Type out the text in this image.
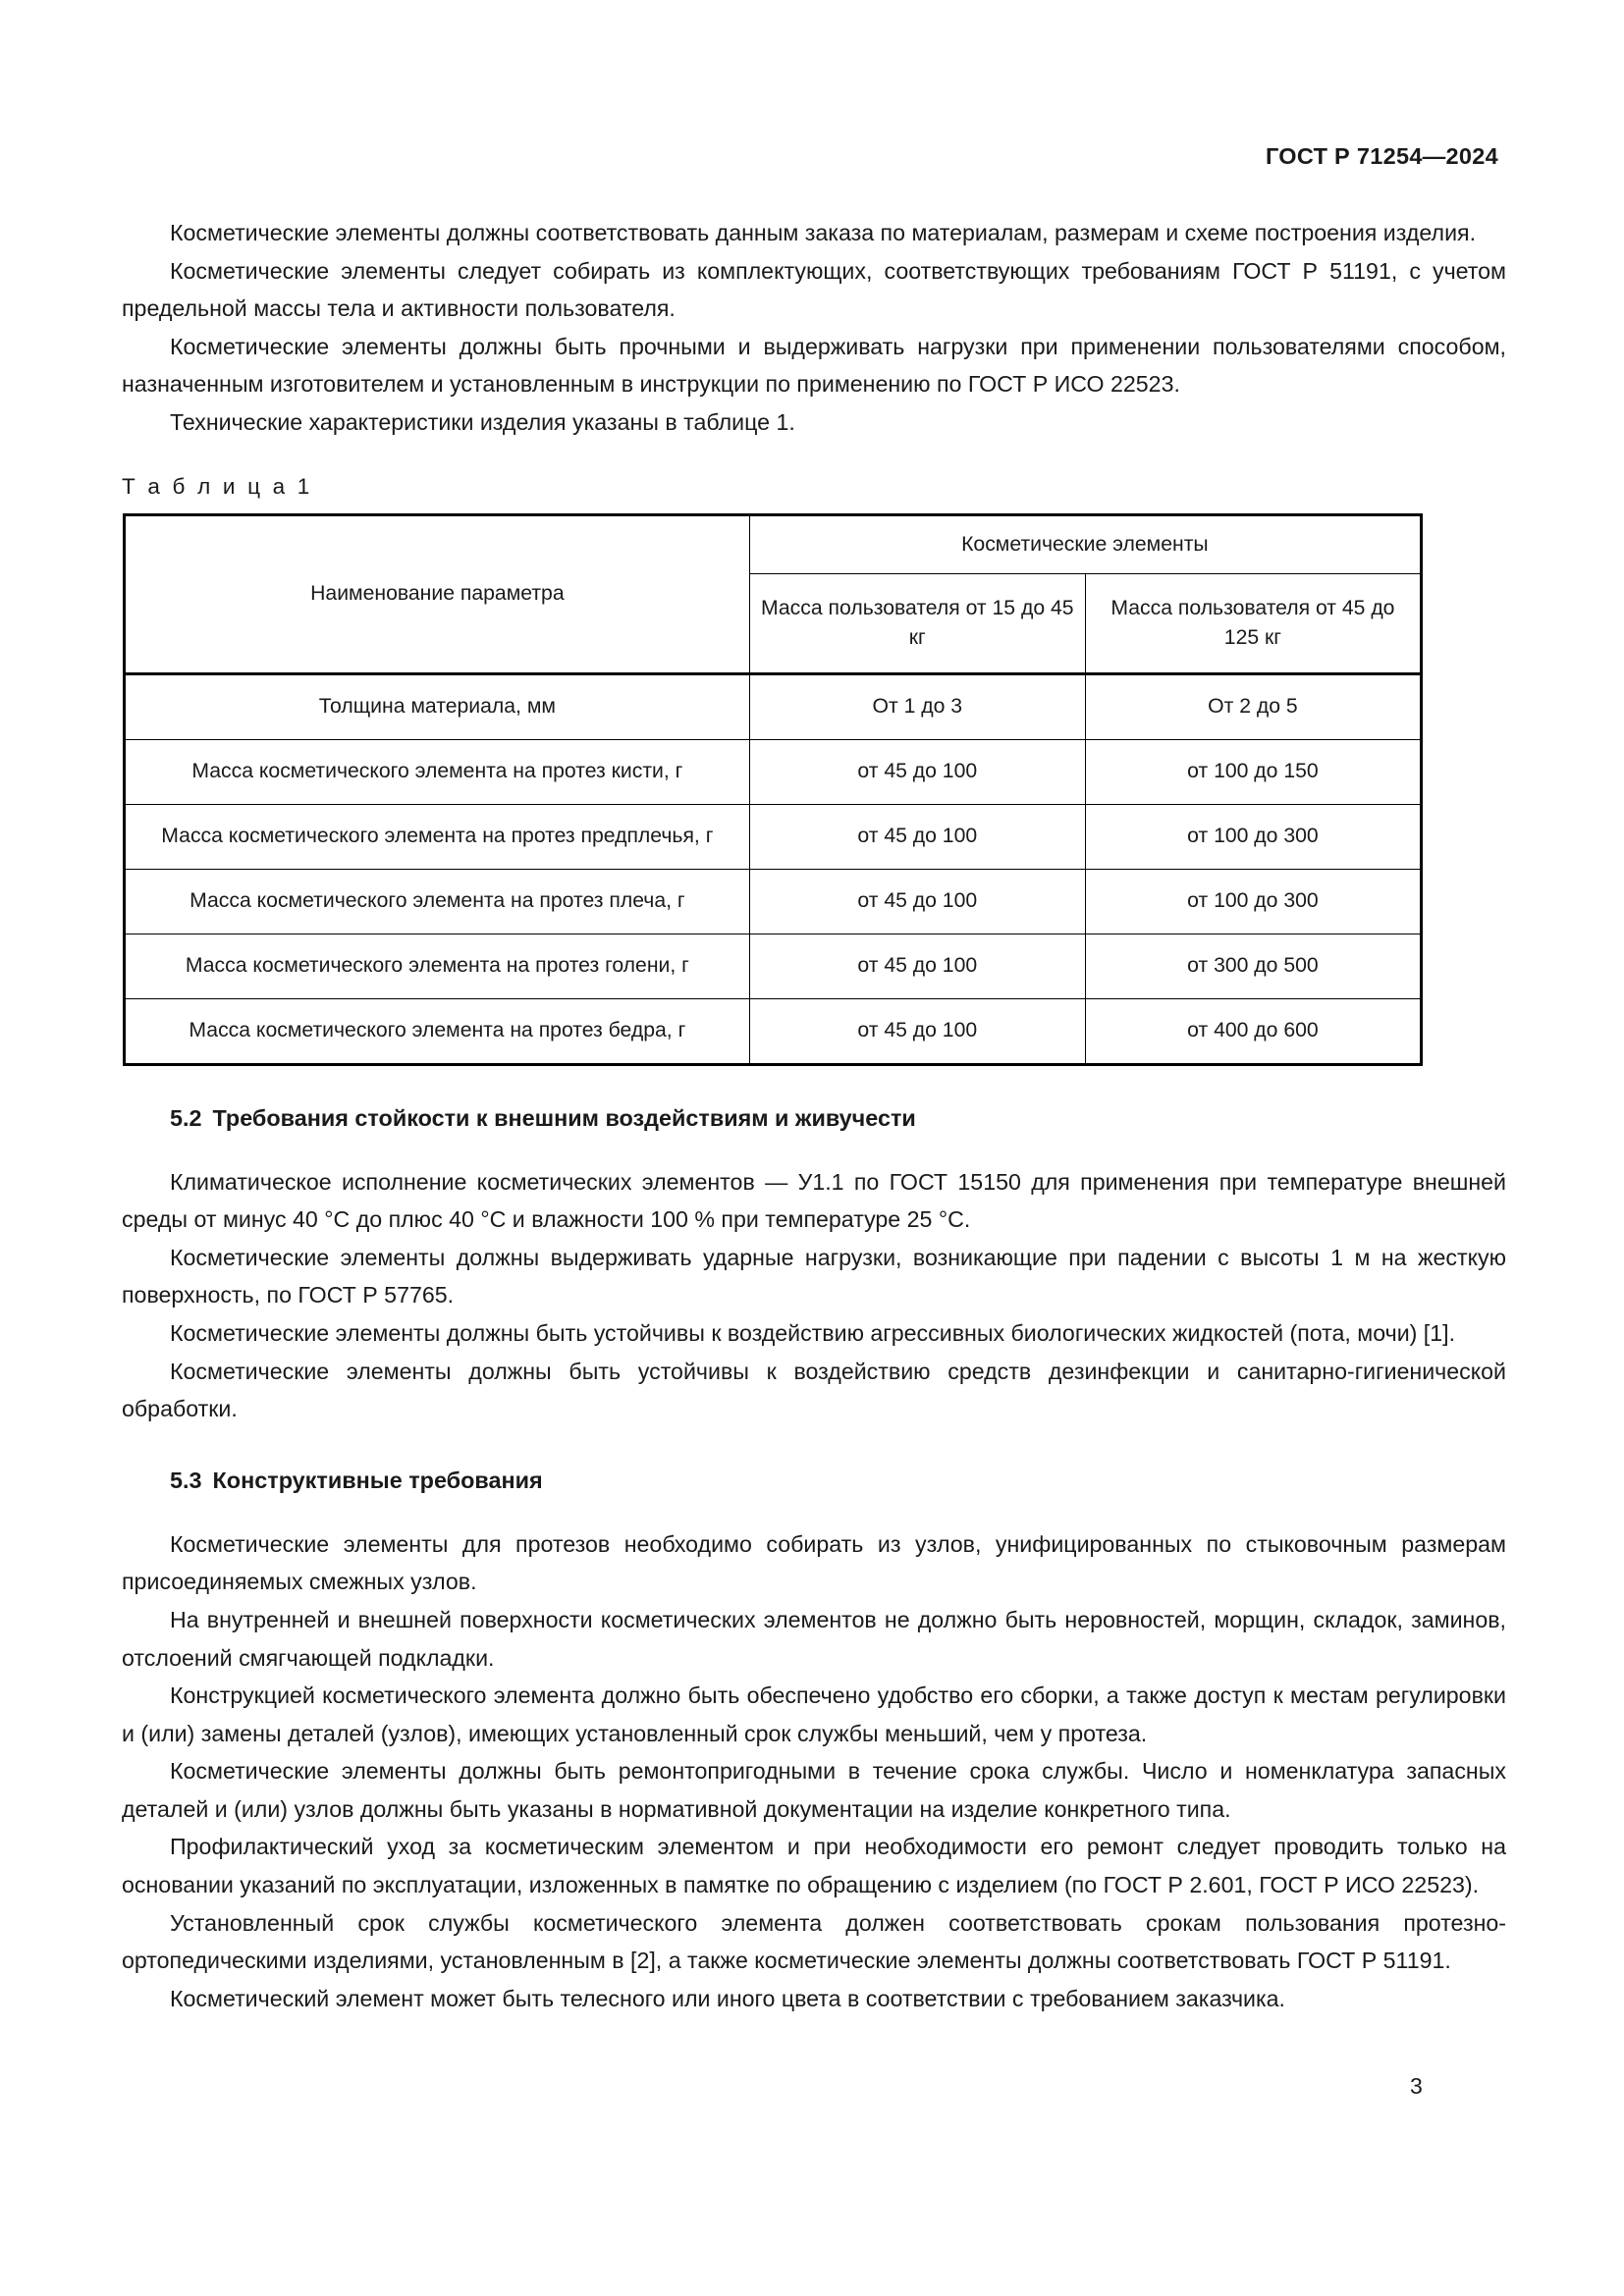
ГОСТ Р 71254—2024

Косметические элементы должны соответствовать данным заказа по материалам, размерам и схеме построения изделия.

Косметические элементы следует собирать из комплектующих, соответствующих требованиям ГОСТ Р 51191, с учетом предельной массы тела и активности пользователя.

Косметические элементы должны быть прочными и выдерживать нагрузки при применении пользователями способом, назначенным изготовителем и установленным в инструкции по применению по ГОСТ Р ИСО 22523.

Технические характеристики изделия указаны в таблице 1.

Т а б л и ц а 1
Наименование параметра	Косметические элементы	
	Масса пользователя от 15 до 45 кг	Масса пользователя от 45 до 125 кг
Толщина материала, мм	От 1 до 3	От 2 до 5
Масса косметического элемента на протез кисти, г	от 45 до 100	от 100 до 150
Масса косметического элемента на протез предплечья, г	от 45 до 100	от 100 до 300
Масса косметического элемента на протез плеча, г	от 45 до 100	от 100 до 300
Масса косметического элемента на протез голени, г	от 45 до 100	от 300 до 500
Масса косметического элемента на протез бедра, г	от 45 до 100	от 400 до 600
5.2 Требования стойкости к внешним воздействиям и живучести

Климатическое исполнение косметических элементов — У1.1 по ГОСТ 15150 для применения при температуре внешней среды от минус 40 °С до плюс 40 °С и влажности 100 % при температуре 25 °С.

Косметические элементы должны выдерживать ударные нагрузки, возникающие при падении с высоты 1 м на жесткую поверхность, по ГОСТ Р 57765.

Косметические элементы должны быть устойчивы к воздействию агрессивных биологических жидкостей (пота, мочи) [1].

Косметические элементы должны быть устойчивы к воздействию средств дезинфекции и санитарно-гигиенической обработки.

5.3 Конструктивные требования

Косметические элементы для протезов необходимо собирать из узлов, унифицированных по стыковочным размерам присоединяемых смежных узлов.

На внутренней и внешней поверхности косметических элементов не должно быть неровностей, морщин, складок, заминов, отслоений смягчающей подкладки.

Конструкцией косметического элемента должно быть обеспечено удобство его сборки, а также доступ к местам регулировки и (или) замены деталей (узлов), имеющих установленный срок службы меньший, чем у протеза.

Косметические элементы должны быть ремонтопригодными в течение срока службы. Число и номенклатура запасных деталей и (или) узлов должны быть указаны в нормативной документации на изделие конкретного типа.

Профилактический уход за косметическим элементом и при необходимости его ремонт следует проводить только на основании указаний по эксплуатации, изложенных в памятке по обращению с изделием (по ГОСТ Р 2.601, ГОСТ Р ИСО 22523).

Установленный срок службы косметического элемента должен соответствовать срокам пользования протезно-ортопедическими изделиями, установленным в [2], а также косметические элементы должны соответствовать ГОСТ Р 51191.

Косметический элемент может быть телесного или иного цвета в соответствии с требованием заказчика.

3
